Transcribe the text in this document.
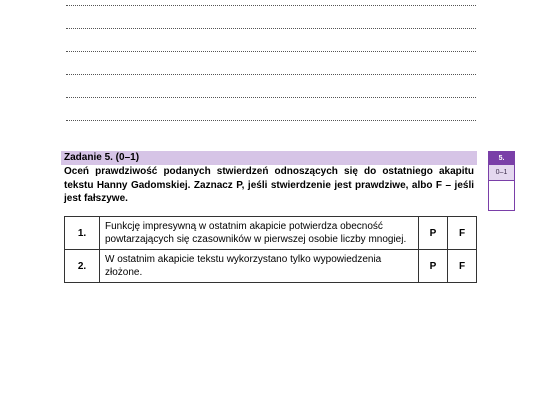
Zadanie 5. (0–1)
Oceń prawdziwość podanych stwierdzeń odnoszących się do ostatniego akapitu tekstu Hanny Gadomskiej. Zaznacz P, jeśli stwierdzenie jest prawdziwe, albo F – jeśli jest fałszywe.
5.
0–1
1.	Funkcję impresywną w ostatnim akapicie potwierdza obecność powtarzających się czasowników w pierwszej osobie liczby mnogiej.	P	F
2.	W ostatnim akapicie tekstu wykorzystano tylko wypowiedzenia złożone.	P	F
